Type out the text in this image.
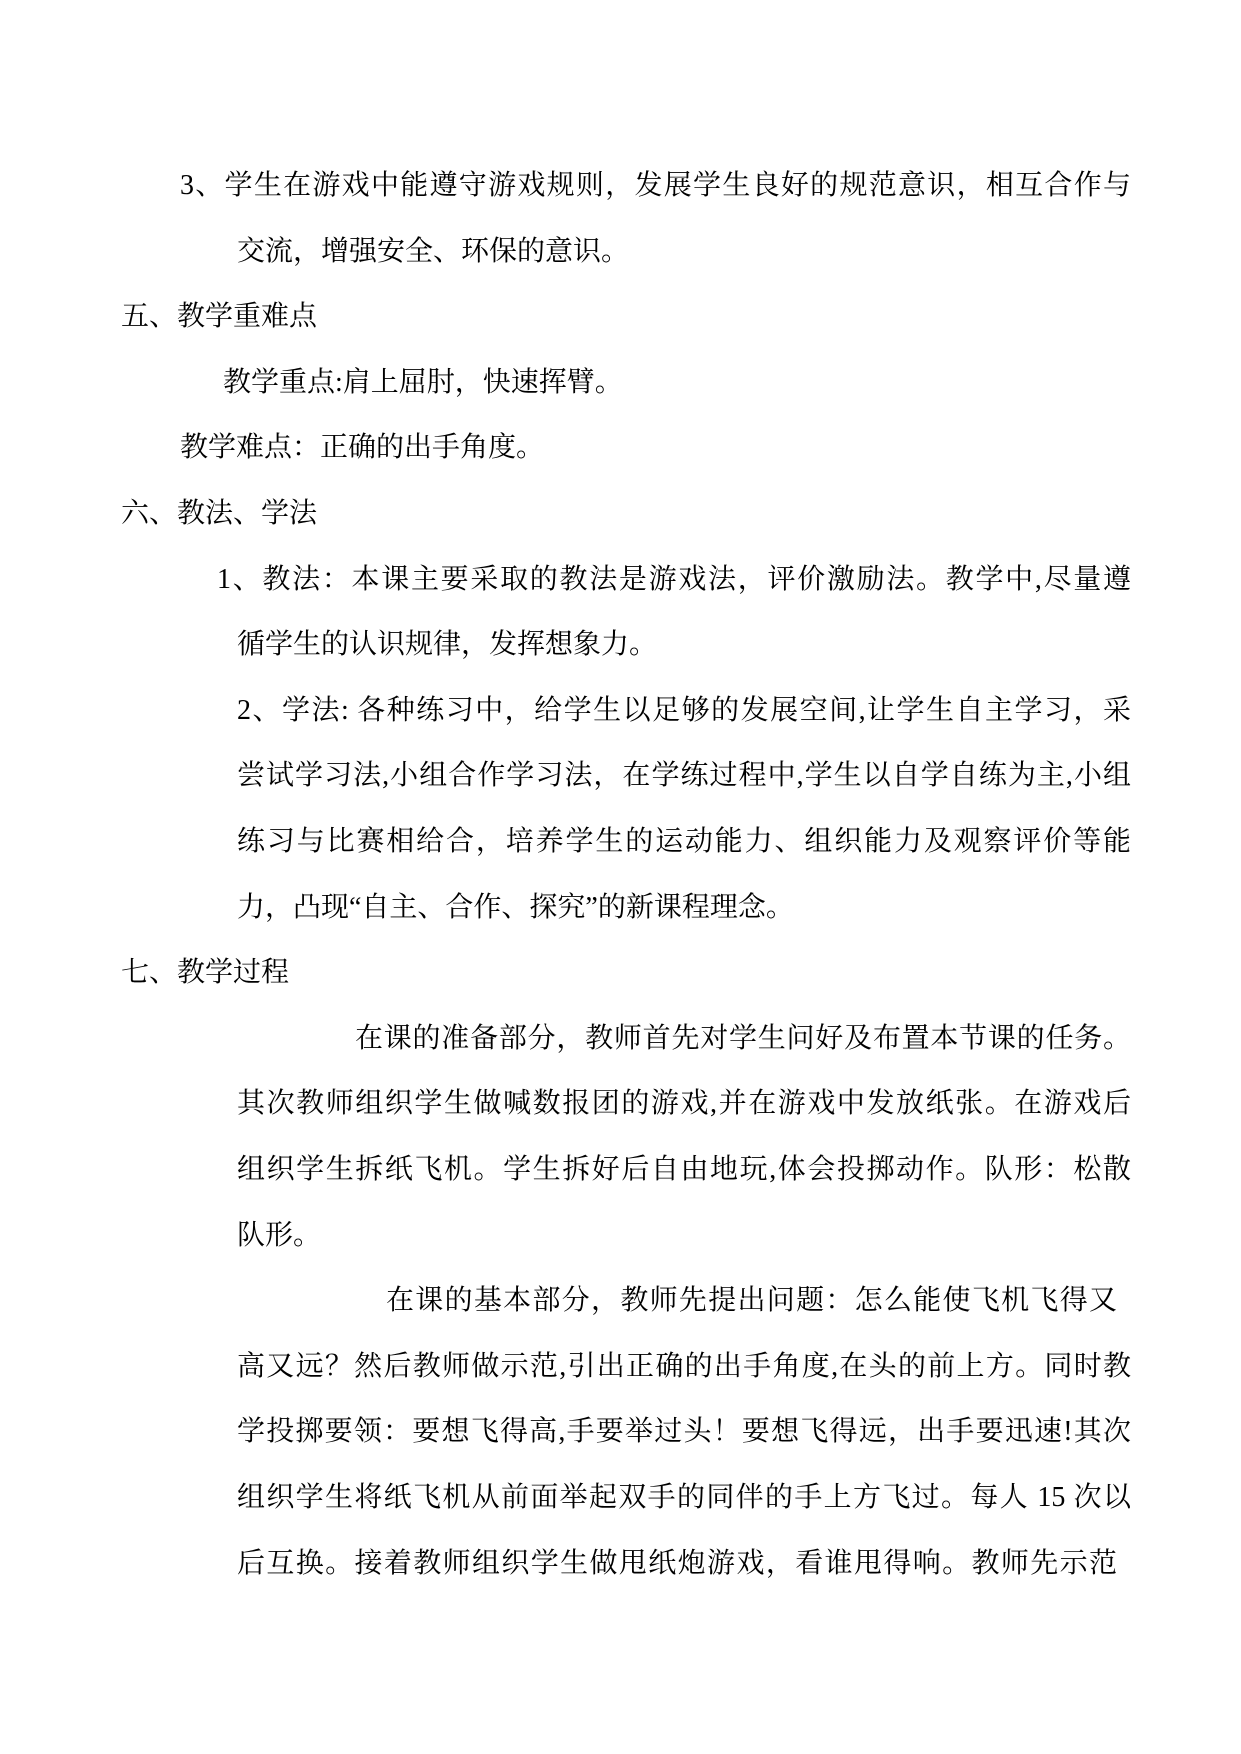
3、学生在游戏中能遵守游戏规则，发展学生良好的规范意识，相互合作与
交流，增强安全、环保的意识。
五、教学重难点
教学重点:肩上屈肘，快速挥臂。
教学难点：正确的出手角度。
六、教法、学法
1、教法：本课主要采取的教法是游戏法，评价激励法。教学中,尽量遵
循学生的认识规律，发挥想象力。
2、学法: 各种练习中，给学生以足够的发展空间,让学生自主学习，采
尝试学习法,小组合作学习法，在学练过程中,学生以自学自练为主,小组
练习与比赛相给合，培养学生的运动能力、组织能力及观察评价等能
力，凸现“自主、合作、探究”的新课程理念。
七、教学过程
在课的准备部分，教师首先对学生问好及布置本节课的任务。
其次教师组织学生做喊数报团的游戏,并在游戏中发放纸张。在游戏后
组织学生拆纸飞机。学生拆好后自由地玩,体会投掷动作。队形：松散
队形。
在课的基本部分，教师先提出问题：怎么能使飞机飞得又
高又远？然后教师做示范,引出正确的出手角度,在头的前上方。同时教
学投掷要领：要想飞得高,手要举过头！要想飞得远，出手要迅速!其次
组织学生将纸飞机从前面举起双手的同伴的手上方飞过。每人 15 次以
后互换。接着教师组织学生做甩纸炮游戏，看谁甩得响。教师先示范
